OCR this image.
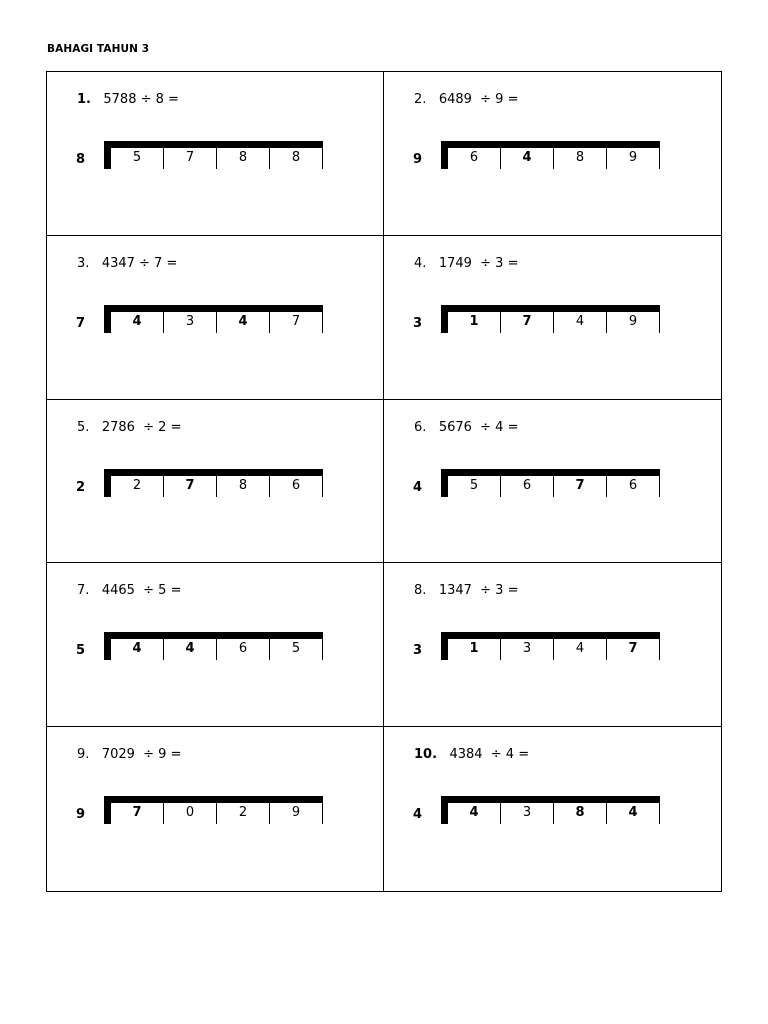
BAHAGI TAHUN 3
1. 5788 ÷ 8 =
8	5	7	8	8
2. 6489  ÷ 9 =
9	6	4	8	9
3. 4347 ÷ 7 =
7	4	3	4	7
4. 1749  ÷ 3 =
3	1	7	4	9
5. 2786  ÷ 2 =
2	2	7	8	6
6. 5676  ÷ 4 =
4	5	6	7	6
7. 4465  ÷ 5 =
5	4	4	6	5
8. 1347  ÷ 3 =
3	1	3	4	7
9. 7029  ÷ 9 =
9	7	0	2	9
10. 4384  ÷ 4 =
4	4	3	8	4
